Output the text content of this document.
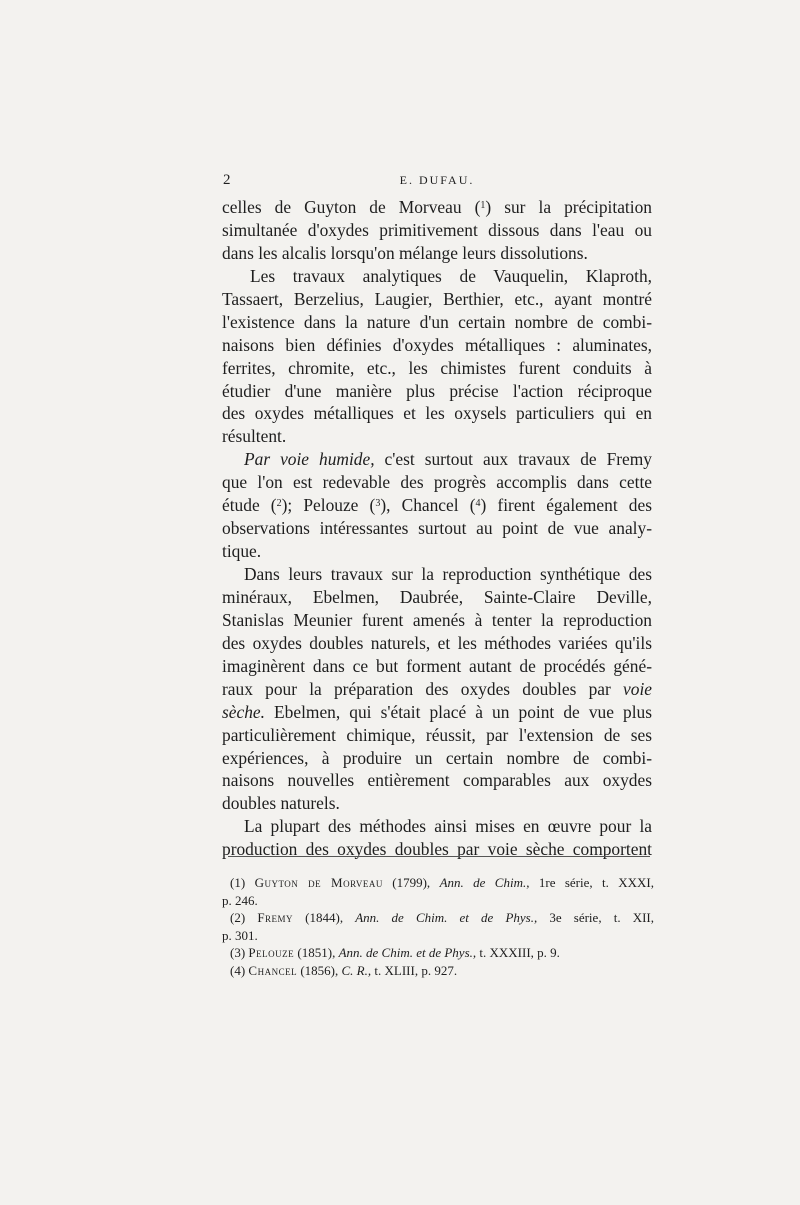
2	E. DUFAU.
celles de Guyton de Morveau ($^1$) sur la précipitation
simultanée d'oxydes primitivement dissous dans l'eau ou
dans les alcalis lorsqu'on mélange leurs dissolutions.
Les travaux analytiques de Vauquelin, Klaproth,
Tassaert, Berzelius, Laugier, Berthier, etc., ayant montré
l'existence dans la nature d'un certain nombre de combi-
naisons bien définies d'oxydes métalliques : aluminates,
ferrites, chromite, etc., les chimistes furent conduits à
étudier d'une manière plus précise l'action réciproque
des oxydes métalliques et les oxysels particuliers qui en
résultent.
Par voie humide, c'est surtout aux travaux de Fremy
que l'on est redevable des progrès accomplis dans cette
étude ($^2$); Pelouze ($^3$), Chancel ($^4$) firent également des
observations intéressantes surtout au point de vue analy-
tique.
Dans leurs travaux sur la reproduction synthétique des
minéraux, Ebelmen, Daubrée, Sainte-Claire Deville,
Stanislas Meunier furent amenés à tenter la reproduction
des oxydes doubles naturels, et les méthodes variées qu'ils
imaginèrent dans ce but forment autant de procédés géné-
raux pour la préparation des oxydes doubles par voie
sèche. Ebelmen, qui s'était placé à un point de vue plus
particulièrement chimique, réussit, par l'extension de ses
expériences, à produire un certain nombre de combi-
naisons nouvelles entièrement comparables aux oxydes
doubles naturels.
La plupart des méthodes ainsi mises en œuvre pour la
production des oxydes doubles par voie sèche comportent
(1) Guyton de Morveau (1799), Ann. de Chim., 1re série, t. XXXI,
p. 246.
(2) Fremy (1844), Ann. de Chim. et de Phys., 3e série, t. XII,
p. 301.
(3) Pelouze (1851), Ann. de Chim. et de Phys., t. XXXIII, p. 9.
(4) Chancel (1856), C. R., t. XLIII, p. 927.
